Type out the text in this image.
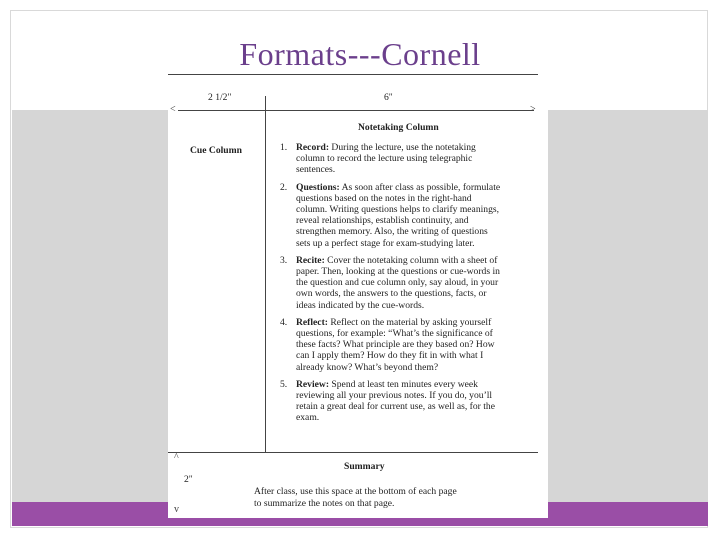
Formats---Cornell
2 1/2"	6"
<	>
Notetaking Column
Cue Column	1. Record: During the lecture, use the notetaking
column to record the lecture using telegraphic
sentences.
2. Questions: As soon after class as possible, formulate
questions based on the notes in the right-hand
column. Writing questions helps to clarify meanings,
reveal relationships, establish continuity, and
strengthen memory. Also, the writing of questions
sets up a perfect stage for exam-studying later.
3. Recite: Cover the notetaking column with a sheet of
paper. Then, looking at the questions or cue-words in
the question and cue column only, say aloud, in your
own words, the answers to the questions, facts, or
ideas indicated by the cue-words.
4. Reflect: Reflect on the material by asking yourself
questions, for example: “What’s the significance of
these facts? What principle are they based on? How
can I apply them? How do they fit in with what I
already know? What’s beyond them?
5. Review: Spend at least ten minutes every week
reviewing all your previous notes. If you do, you’ll
retain a great deal for current use, as well as, for the
exam.
^
Summary
2"
After class, use this space at the bottom of each page
to summarize the notes on that page.
v
